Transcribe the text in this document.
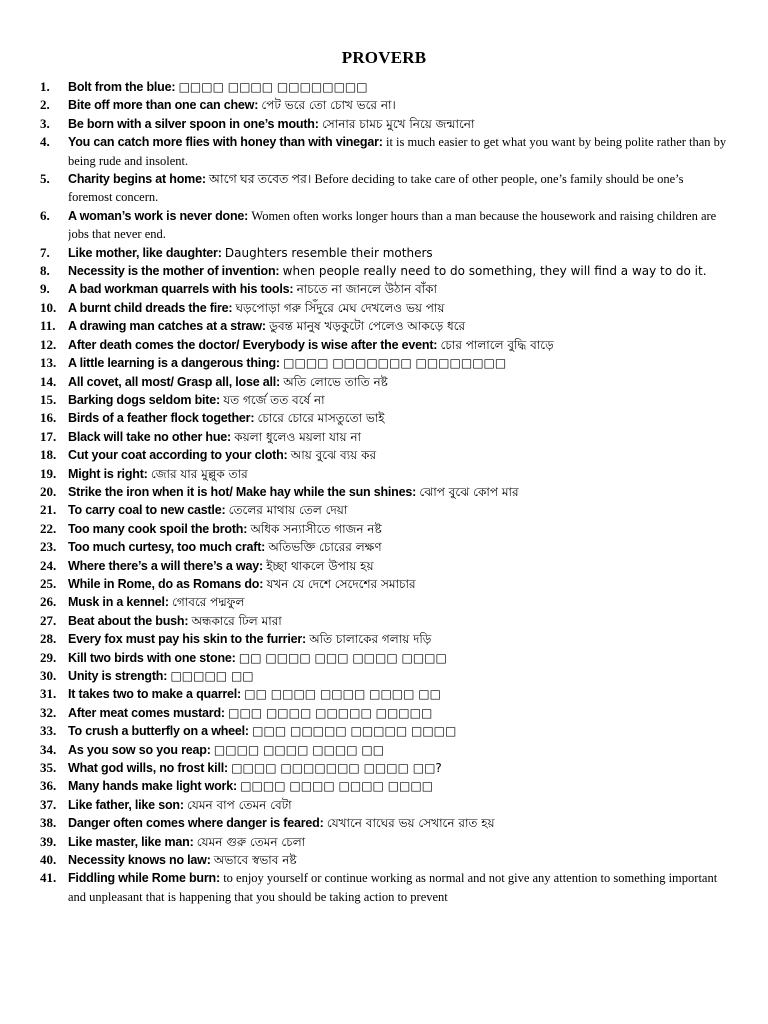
PROVERB
1.	Bolt from the blue: □□□□ □□□□ □□□□□□□□
2.	Bite off more than one can chew: পেট ভরে তো চোখ ভরে না।
3.	Be born with a silver spoon in one’s mouth: সোনার চামচ মুখে নিয়ে জন্মানো
4.	You can catch more flies with honey than with vinegar: it is much easier to get what you want by being polite rather than by being rude and insolent.
5.	Charity begins at home: আগে ঘর তবেত পর। Before deciding to take care of other people, one’s family should be one’s foremost concern.
6.	A woman’s work is never done: Women often works longer hours than a man because the housework and raising children are jobs that never end.
7.	Like mother, like daughter: Daughters resemble their mothers
8.	Necessity is the mother of invention: when people really need to do something, they will find a way to do it.
9.	A bad workman quarrels with his tools: নাচতে না জানলে উঠান বাঁকা
10. A burnt child dreads the fire: ঘড়পোড়া গরু সিঁদুরে মেঘ দেখলেও ভয় পায়
11. A drawing man catches at a straw: ডুবন্ত মানুষ খড়কুটো পেলেও আকড়ে ধরে
12. After death comes the doctor/ Everybody is wise after the event: চোর পালালে বুদ্ধি বাড়ে
13. A little learning is a dangerous thing: □□□□ □□□□□□□ □□□□□□□□
14. All covet, all most/ Grasp all, lose all: অতি লোভে তাতি নষ্ট
15. Barking dogs seldom bite: যত গর্জে তত বর্ষে না
16. Birds of a feather flock together: চোরে চোরে মাসতুতো ভাই
17. Black will take no other hue: কয়লা ধুলেও ময়লা যায় না
18. Cut your coat according to your cloth: আয় বুঝে ব্যয় কর
19. Might is right: জোর যার মুল্লুক তার
20. Strike the iron when it is hot/ Make hay while the sun shines: ঝোপ বুঝে কোপ মার
21. To carry coal to new castle: তেলের মাথায় তেল দেয়া
22. Too many cook spoil the broth: অধিক সন্যাসীতে গাজন নষ্ট
23. Too much curtesy, too much craft: অতিভক্তি চোরের লক্ষণ
24. Where there’s a will there’s a way: ইচ্ছা থাকলে উপায় হয়
25. While in Rome, do as Romans do: যখন যে দেশে সেদেশের সমাচার
26. Musk in a kennel: গোবরে পদ্মফুল
27. Beat about the bush: অন্ধকারে ঢিল মারা
28. Every fox must pay his skin to the furrier: অতি চালাকের গলায় দড়ি
29. Kill two birds with one stone: □□ □□□□ □□□ □□□□ □□□□
30. Unity is strength: □□□□□ □□
31. It takes two to make a quarrel: □□ □□□□ □□□□ □□□□ □□
32. After meat comes mustard: □□□ □□□□ □□□□□ □□□□□
33. To crush a butterfly on a wheel: □□□ □□□□□ □□□□□ □□□□
34. As you sow so you reap: □□□□ □□□□ □□□□ □□
35. What god wills, no frost kill: □□□□ □□□□□□□ □□□□ □□?
36. Many hands make light work: □□□□ □□□□ □□□□ □□□□
37. Like father, like son: যেমন বাপ তেমন বেটা
38. Danger often comes where danger is feared: যেখানে বাঘের ভয় সেখানে রাত হয়
39. Like master, like man: যেমন গুরু তেমন চেলা
40. Necessity knows no law: অভাবে স্বভাব নষ্ট
41. Fiddling while Rome burn: to enjoy yourself or continue working as normal and not give any attention to something important and unpleasant that is happening that you should be taking action to prevent
